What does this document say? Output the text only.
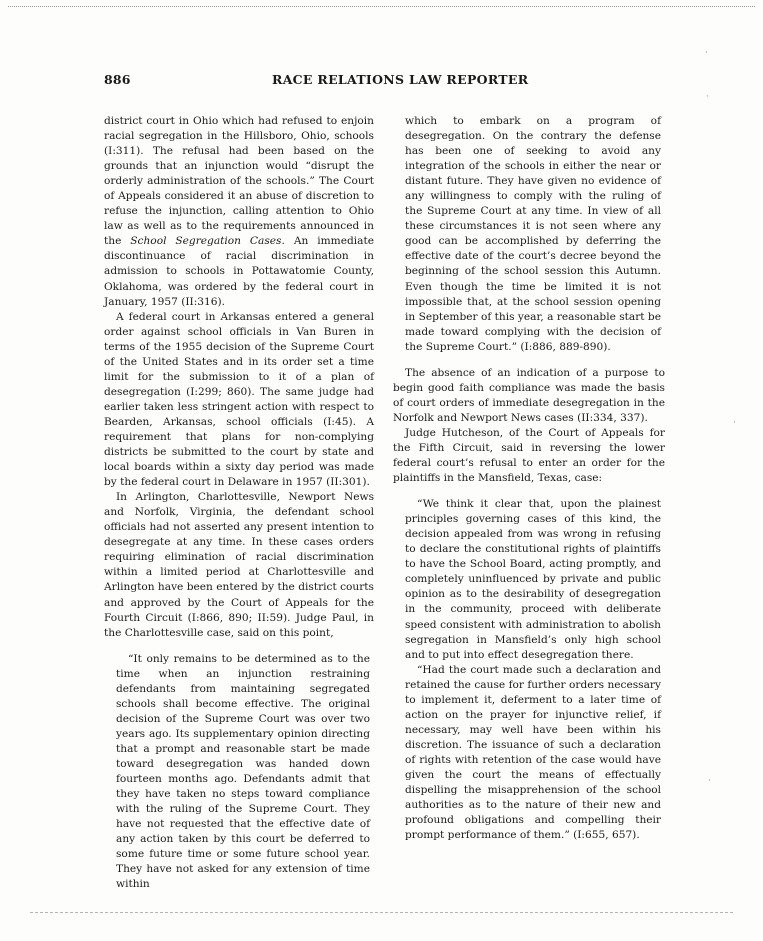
886	RACE RELATIONS LAW REPORTER

district court in Ohio which had refused to enjoin racial segregation in the Hillsboro, Ohio, schools (I:311). The refusal had been based on the grounds that an injunction would “disrupt the orderly administration of the schools.” The Court of Appeals considered it an abuse of discretion to refuse the injunction, calling attention to Ohio law as well as to the requirements announced in the School Segregation Cases. An immediate discontinuance of racial discrimination in admission to schools in Pottawatomie County, Oklahoma, was ordered by the federal court in January, 1957 (II:316).

A federal court in Arkansas entered a general order against school officials in Van Buren in terms of the 1955 decision of the Supreme Court of the United States and in its order set a time limit for the submission to it of a plan of desegregation (I:299; 860). The same judge had earlier taken less stringent action with respect to Bearden, Arkansas, school officials (I:45). A requirement that plans for non-complying districts be submitted to the court by state and local boards within a sixty day period was made by the federal court in Delaware in 1957 (II:301).

In Arlington, Charlottesville, Newport News and Norfolk, Virginia, the defendant school officials had not asserted any present intention to desegregate at any time. In these cases orders requiring elimination of racial discrimination within a limited period at Charlottesville and Arlington have been entered by the district courts and approved by the Court of Appeals for the Fourth Circuit (I:866, 890; II:59). Judge Paul, in the Charlottesville case, said on this point,

“It only remains to be determined as to the time when an injunction restraining defendants from maintaining segregated schools shall become effective. The original decision of the Supreme Court was over two years ago. Its supplementary opinion directing that a prompt and reasonable start be made toward desegregation was handed down fourteen months ago. Defendants admit that they have taken no steps toward compliance with the ruling of the Supreme Court. They have not requested that the effective date of any action taken by this court be deferred to some future time or some future school year. They have not asked for any extension of time within

which to embark on a program of desegregation. On the contrary the defense has been one of seeking to avoid any integration of the schools in either the near or distant future. They have given no evidence of any willingness to comply with the ruling of the Supreme Court at any time. In view of all these circumstances it is not seen where any good can be accomplished by deferring the effective date of the court’s decree beyond the beginning of the school session this Autumn. Even though the time be limited it is not impossible that, at the school session opening in September of this year, a reasonable start be made toward complying with the decision of the Supreme Court.” (I:886, 889-890).

The absence of an indication of a purpose to begin good faith compliance was made the basis of court orders of immediate desegregation in the Norfolk and Newport News cases (II:334, 337).

Judge Hutcheson, of the Court of Appeals for the Fifth Circuit, said in reversing the lower federal court’s refusal to enter an order for the plaintiffs in the Mansfield, Texas, case:

“We think it clear that, upon the plainest principles governing cases of this kind, the decision appealed from was wrong in refusing to declare the constitutional rights of plaintiffs to have the School Board, acting promptly, and completely uninfluenced by private and public opinion as to the desirability of desegregation in the community, proceed with deliberate speed consistent with administration to abolish segregation in Mansfield’s only high school and to put into effect desegregation there.

“Had the court made such a declaration and retained the cause for further orders necessary to implement it, deferment to a later time of action on the prayer for injunctive relief, if necessary, may well have been within his discretion. The issuance of such a declaration of rights with retention of the case would have given the court the means of effectually dispelling the misapprehension of the school authorities as to the nature of their new and profound obligations and compelling their prompt performance of them.” (I:655, 657).

·
·
·
·
